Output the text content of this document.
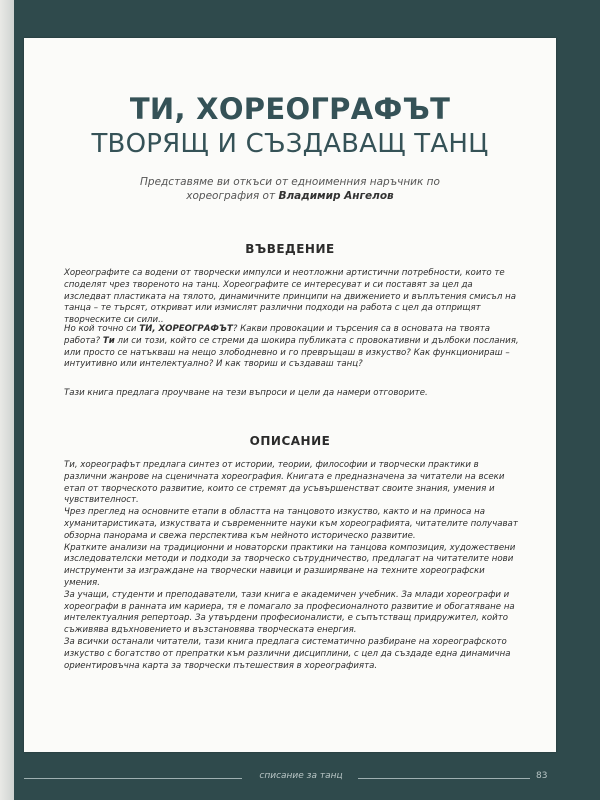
ТИ, ХОРЕОГРАФЪТ
ТВОРЯЩ И СЪЗДАВАЩ ТАНЦ
Представяме ви откъси от едноименния наръчник по
хореография от Владимир Ангелов
ВЪВЕДЕНИЕ

Хореографите са водени от творчески импулси и неотложни артистични потребности, които те споделят чрез твореното на танц. Хореографите се интересуват и си поставят за цел да изследват пластиката на тялото, динамичните принципи на движението и въплътения смисъл на танца – те търсят, откриват или измислят различни подходи на работа с цел да отприщят творческите си сили..

Но кой точно си ТИ, ХОРЕОГРАФЪТ? Какви провокации и търсения са в основата на твоята работа? Ти ли си този, който се стреми да шокира публиката с провокативни и дълбоки послания, или просто се натъкваш на нещо злободневно и го превръщаш в изкуство? Как функционираш – интуитивно или интелектуално? И как твориш и създаваш танц?

Тази книга предлага проучване на тези въпроси и цели да намери отговорите.

ОПИСАНИЕ

Ти, хореографът предлага синтез от истории, теории, философии и творчески практики в различни жанрове на сценичната хореография. Книгата е предназначена за читатели на всеки етап от творческото развитие, които се стремят да усъвършенстват своите знания, умения и чувствителност.

Чрез преглед на основните етапи в областта на танцовото изкуство, както и на приноса на хуманитаристиката, изкуствата и съвременните науки към хореографията, читателите получават обзорна панорама и свежа перспектива към нейното историческо развитие.

Кратките анализи на традиционни и новаторски практики на танцова композиция, художествени изследователски методи и подходи за творческо сътрудничество, предлагат на читателите нови инструменти за изграждане на творчески навици и разширяване на техните хореографски умения.

За учащи, студенти и преподаватели, тази книга е академичен учебник. За млади хореографи и хореографи в ранната им кариера, тя е помагало за професионалното развитие и обогатяване на интелектуалния репертоар. За утвърдени професионалисти, е съпътстващ придружител, който съживява вдъхновението и възстановява творческата енергия.

За всички останали читатели, тази книга предлага систематично разбиране на хореографското изкуство с богатство от препратки към различни дисциплини, с цел да създаде една динамична ориентировъчна карта за творчески пътешествия в хореографията.

списание за танц	83
